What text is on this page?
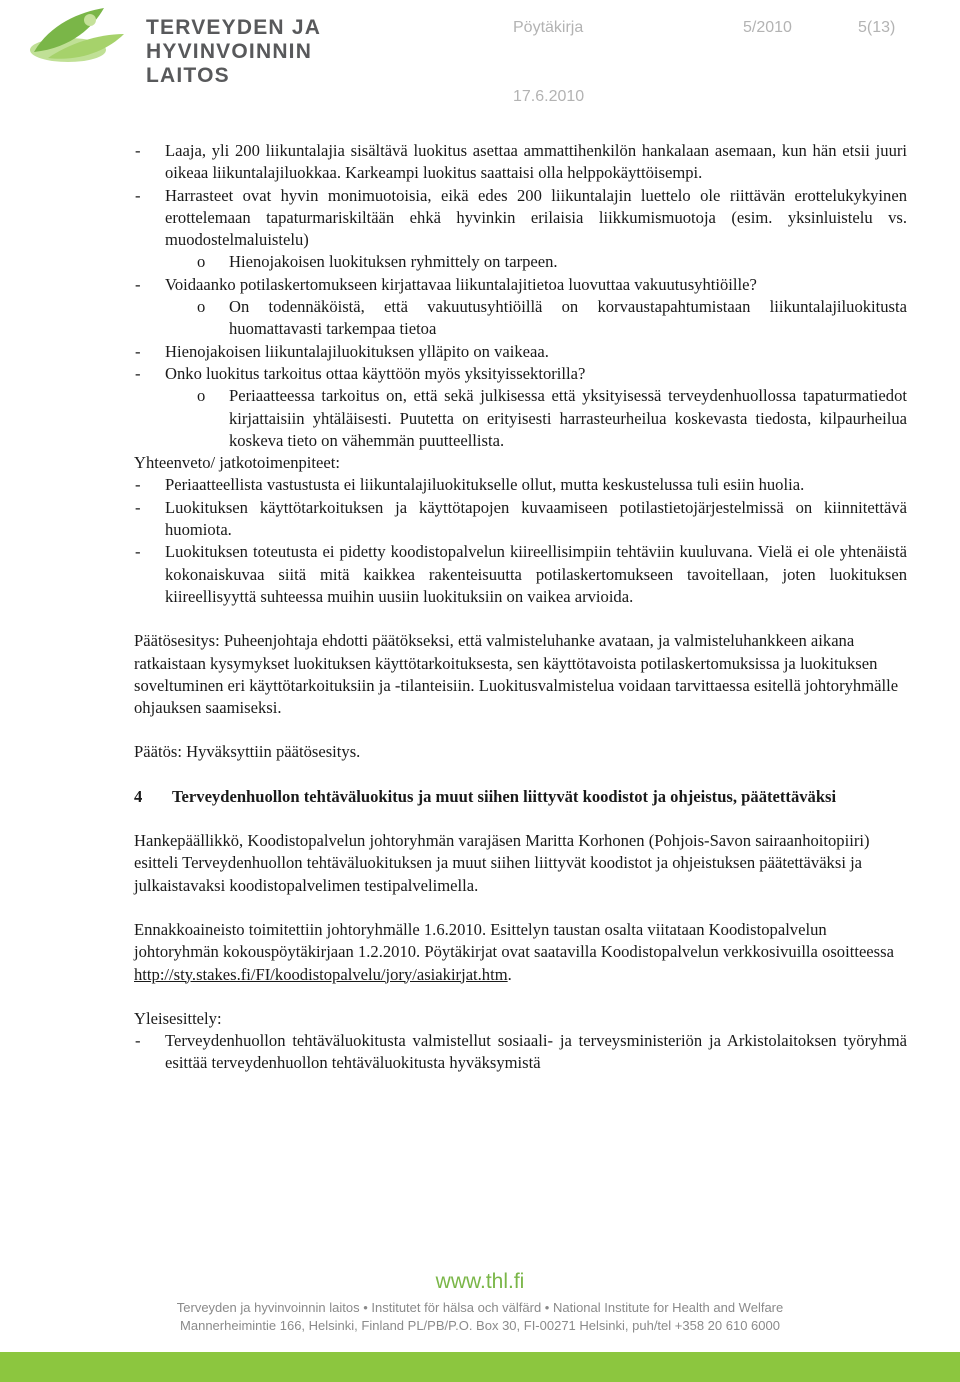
TERVEYDEN JA
HYVINVOINNIN LAITOS
Pöytäkirja	5/2010	5(13)
17.6.2010

- Laaja, yli 200 liikuntalajia sisältävä luokitus asettaa ammattihenkilön hankalaan asemaan, kun hän etsii juuri oikeaa liikuntalajiluokkaa. Karkeampi luokitus saattaisi olla helppokäyttöisempi.

- Harrasteet ovat hyvin monimuotoisia, eikä edes 200 liikuntalajin luettelo ole riittävän erottelukykyinen erottelemaan tapaturmariskiltään ehkä hyvinkin erilaisia liikkumismuotoja (esim. yksinluistelu vs. muodostelmaluistelu)

o Hienojakoisen luokituksen ryhmittely on tarpeen.

- Voidaanko potilaskertomukseen kirjattavaa liikuntalajitietoa luovuttaa vakuutusyhtiöille?

o On todennäköistä, että vakuutusyhtiöillä on korvaustapahtumistaan liikuntalajiluokitusta huomattavasti tarkempaa tietoa

- Hienojakoisen liikuntalajiluokituksen ylläpito on vaikeaa.

- Onko luokitus tarkoitus ottaa käyttöön myös yksityissektorilla?

o Periaatteessa tarkoitus on, että sekä julkisessa että yksityisessä terveydenhuollossa tapaturmatiedot kirjattaisiin yhtäläisesti. Puutetta on erityisesti harrasteurheilua koskevasta tiedosta, kilpaurheilua koskeva tieto on vähemmän puutteellista.

Yhteenveto/ jatkotoimenpiteet:

- Periaatteellista vastustusta ei liikuntalajiluokitukselle ollut, mutta keskustelussa tuli esiin huolia.

- Luokituksen käyttötarkoituksen ja käyttötapojen kuvaamiseen potilastietojärjestelmissä on kiinnitettävä huomiota.

- Luokituksen toteutusta ei pidetty koodistopalvelun kiireellisimpiin tehtäviin kuuluvana. Vielä ei ole yhtenäistä kokonaiskuvaa siitä mitä kaikkea rakenteisuutta potilaskertomukseen tavoitellaan, joten luokituksen kiireellisyyttä suhteessa muihin uusiin luokituksiin on vaikea arvioida.

Päätösesitys: Puheenjohtaja ehdotti päätökseksi, että valmisteluhanke avataan, ja valmisteluhankkeen aikana ratkaistaan kysymykset luokituksen käyttötarkoituksesta, sen käyttötavoista potilaskertomuksissa ja luokituksen soveltuminen eri käyttötarkoituksiin ja -tilanteisiin. Luokitusvalmistelua voidaan tarvittaessa esitellä johtoryhmälle ohjauksen saamiseksi.

Päätös: Hyväksyttiin päätösesitys.

4	Terveydenhuollon tehtäväluokitus ja muut siihen liittyvät koodistot ja ohjeistus, päätettäväksi

Hankepäällikkö, Koodistopalvelun johtoryhmän varajäsen Maritta Korhonen (Pohjois-Savon sairaanhoitopiiri) esitteli Terveydenhuollon tehtäväluokituksen ja muut siihen liittyvät koodistot ja ohjeistuksen päätettäväksi ja julkaistavaksi koodistopalvelimen testipalvelimella.

Ennakkoaineisto toimitettiin johtoryhmälle 1.6.2010. Esittelyn taustan osalta viitataan Koodistopalvelun johtoryhmän kokouspöytäkirjaan 1.2.2010. Pöytäkirjat ovat saatavilla Koodistopalvelun verkkosivuilla osoitteessa
http://sty.stakes.fi/FI/koodistopalvelu/jory/asiakirjat.htm.

Yleisesittely:

- Terveydenhuollon tehtäväluokitusta valmistellut sosiaali- ja terveysministeriön ja Arkistolaitoksen työryhmä esittää terveydenhuollon tehtäväluokitusta hyväksymistä

www.thl.fi
Terveyden ja hyvinvoinnin laitos • Institutet för hälsa och välfärd • National Institute for Health and Welfare
Mannerheimintie 166, Helsinki, Finland PL/PB/P.O. Box 30, FI-00271 Helsinki, puh/tel +358 20 610 6000
